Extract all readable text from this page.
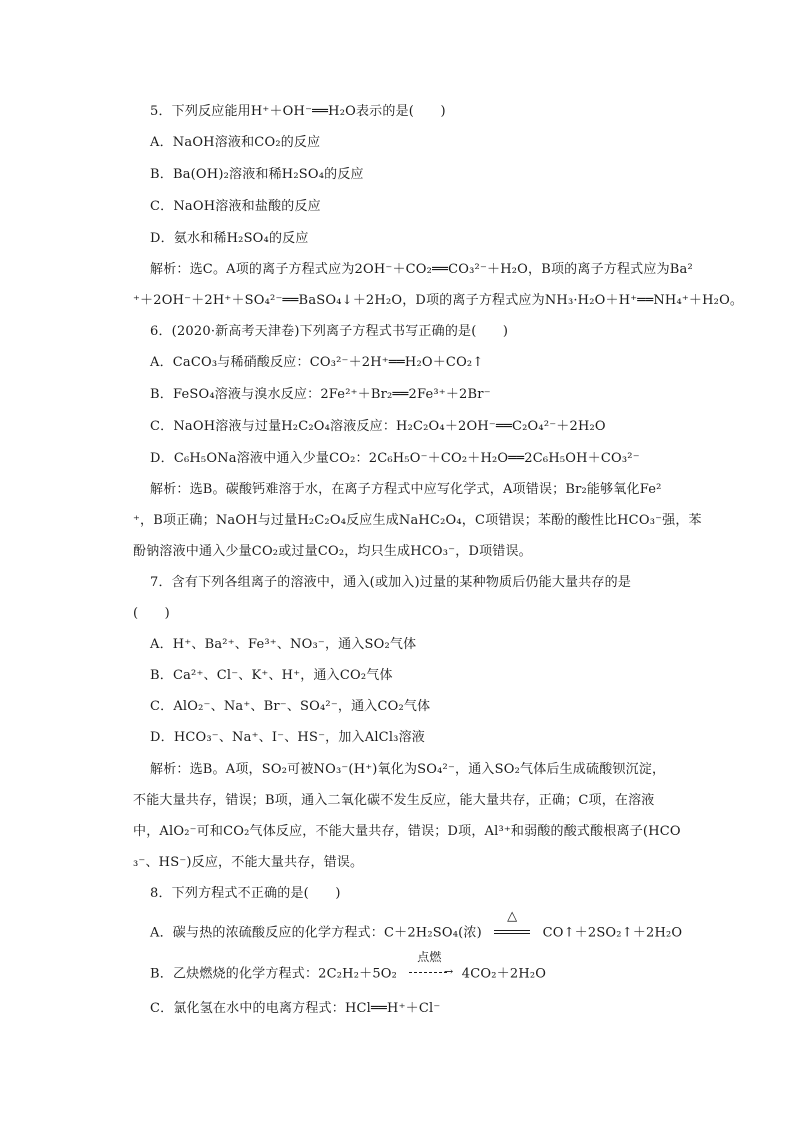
5．下列反应能用H⁺＋OH⁻══H₂O表示的是(　　)
A．NaOH溶液和CO₂的反应
B．Ba(OH)₂溶液和稀H₂SO₄的反应
C．NaOH溶液和盐酸的反应
D．氨水和稀H₂SO₄的反应
解析：选C。A项的离子方程式应为2OH⁻＋CO₂══CO₃²⁻＋H₂O，B项的离子方程式应为Ba²
⁺＋2OH⁻＋2H⁺＋SO₄²⁻══BaSO₄↓＋2H₂O，D项的离子方程式应为NH₃·H₂O＋H⁺══NH₄⁺＋H₂O。
6．(2020·新高考天津卷)下列离子方程式书写正确的是(　　)
A．CaCO₃与稀硝酸反应：CO₃²⁻＋2H⁺══H₂O＋CO₂↑
B．FeSO₄溶液与溴水反应：2Fe²⁺＋Br₂══2Fe³⁺＋2Br⁻
C．NaOH溶液与过量H₂C₂O₄溶液反应：H₂C₂O₄＋2OH⁻══C₂O₄²⁻＋2H₂O
D．C₆H₅ONa溶液中通入少量CO₂：2C₆H₅O⁻＋CO₂＋H₂O══2C₆H₅OH＋CO₃²⁻
解析：选B。碳酸钙难溶于水，在离子方程式中应写化学式，A项错误；Br₂能够氧化Fe²
⁺，B项正确；NaOH与过量H₂C₂O₄反应生成NaHC₂O₄，C项错误；苯酚的酸性比HCO₃⁻强，苯
酚钠溶液中通入少量CO₂或过量CO₂，均只生成HCO₃⁻，D项错误。
7．含有下列各组离子的溶液中，通入(或加入)过量的某种物质后仍能大量共存的是
(　　)
A．H⁺、Ba²⁺、Fe³⁺、NO₃⁻，通入SO₂气体
B．Ca²⁺、Cl⁻、K⁺、H⁺，通入CO₂气体
C．AlO₂⁻、Na⁺、Br⁻、SO₄²⁻，通入CO₂气体
D．HCO₃⁻、Na⁺、I⁻、HS⁻，加入AlCl₃溶液
解析：选B。A项，SO₂可被NO₃⁻(H⁺)氧化为SO₄²⁻，通入SO₂气体后生成硫酸钡沉淀，
不能大量共存，错误；B项，通入二氧化碳不发生反应，能大量共存，正确；C项，在溶液
中，AlO₂⁻可和CO₂气体反应，不能大量共存，错误；D项，Al³⁺和弱酸的酸式酸根离子(HCO
₃⁻、HS⁻)反应，不能大量共存，错误。
8．下列方程式不正确的是(　　)
A．碳与热的浓硫酸反应的化学方程式：C＋2H₂SO₄(浓)
△
CO↑＋2SO₂↑＋2H₂O
B．乙炔燃烧的化学方程式：2C₂H₂＋5O₂
点燃
→ 4CO₂＋2H₂O
C．氯化氢在水中的电离方程式：HCl══H⁺＋Cl⁻
